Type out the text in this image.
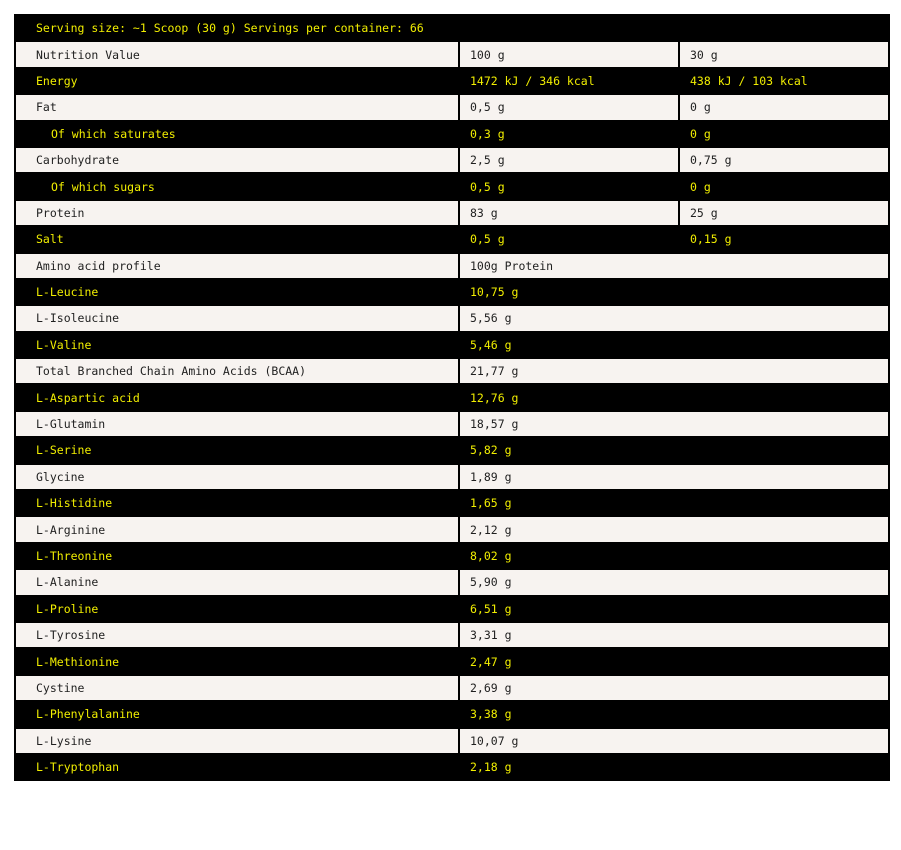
Serving size: ~1 Scoop (30 g) Servings per container: 66		
Nutrition Value	100 g	30 g
Energy	1472 kJ / 346 kcal	438 kJ / 103 kcal
Fat	0,5 g	0 g
Of which saturates	0,3 g	0 g
Carbohydrate	2,5 g	0,75 g
Of which sugars	0,5 g	0 g
Protein	83 g	25 g
Salt	0,5 g	0,15 g
Amino acid profile	100g Protein	
L-Leucine	10,75 g	
L-Isoleucine	5,56 g	
L-Valine	5,46 g	
Total Branched Chain Amino Acids (BCAA)	21,77 g	
L-Aspartic acid	12,76 g	
L-Glutamin	18,57 g	
L-Serine	5,82 g	
Glycine	1,89 g	
L-Histidine	1,65 g	
L-Arginine	2,12 g	
L-Threonine	8,02 g	
L-Alanine	5,90 g	
L-Proline	6,51 g	
L-Tyrosine	3,31 g	
L-Methionine	2,47 g	
Cystine	2,69 g	
L-Phenylalanine	3,38 g	
L-Lysine	10,07 g	
L-Tryptophan	2,18 g	
